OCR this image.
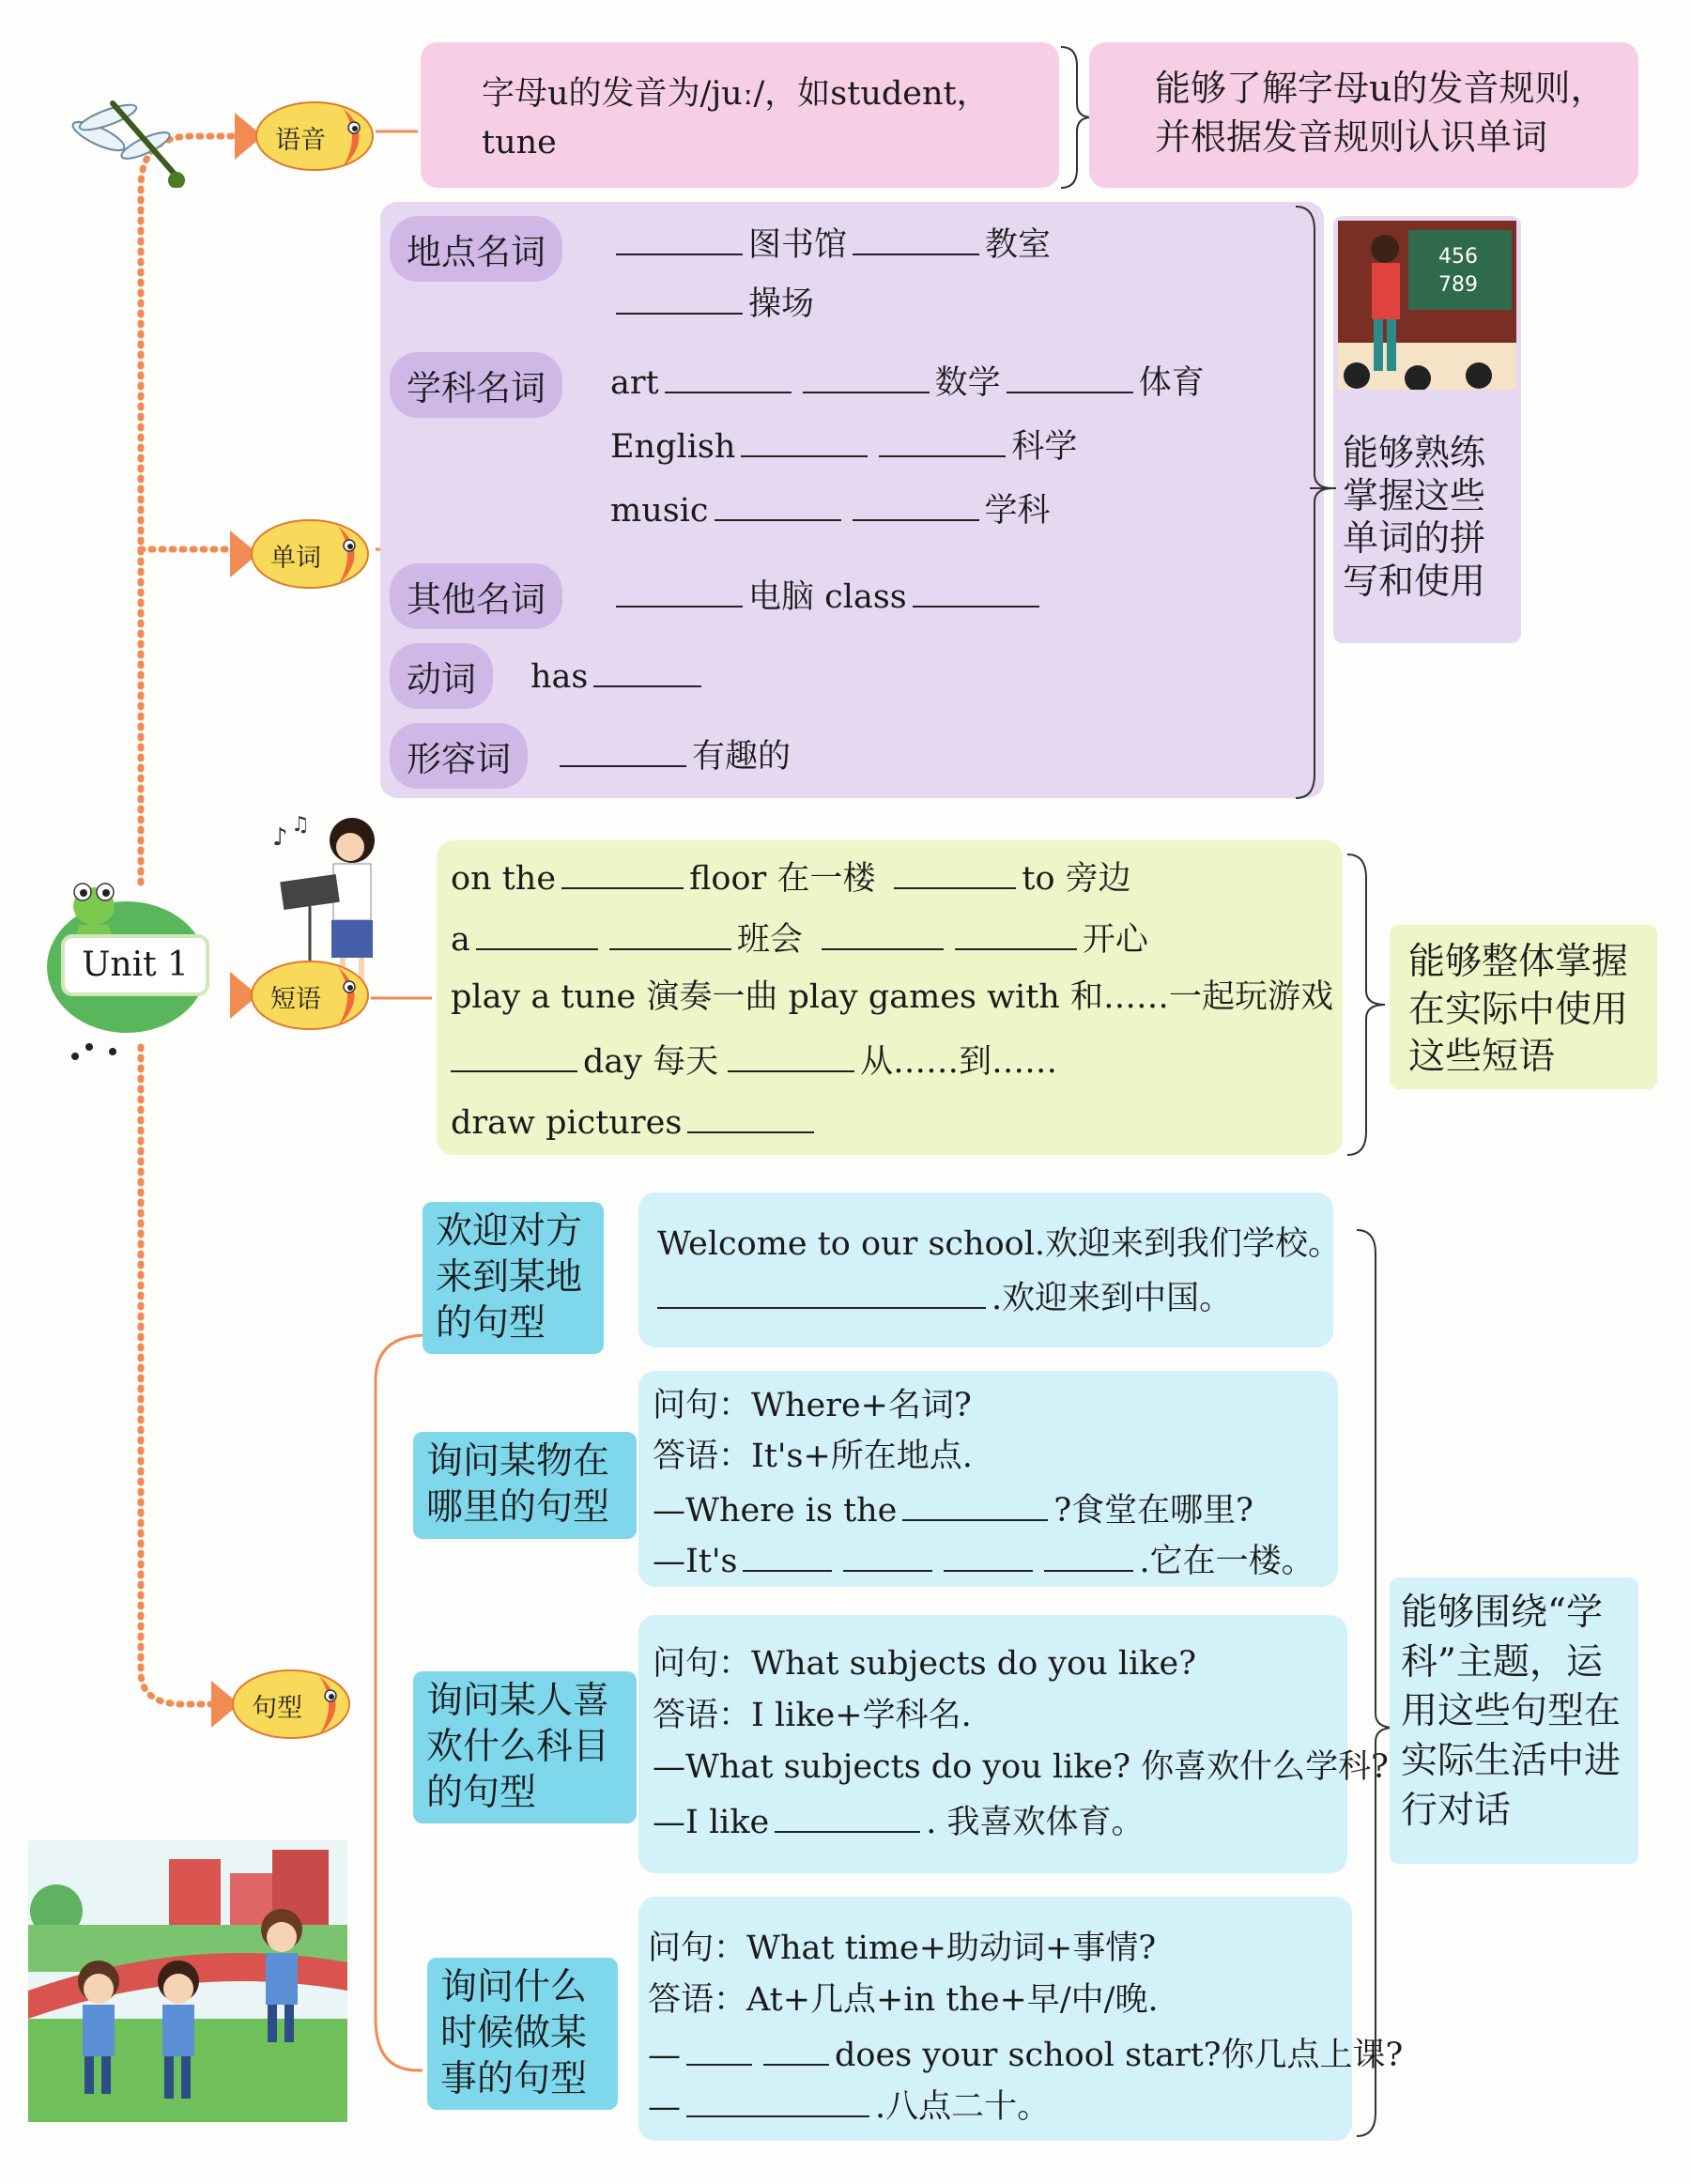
语音
字母u的发音为/juː/，如student，
tune
能够了解字母u的发音规则，
并根据发音规则认识单词
单词
地点名词	图书馆	教室
操场
学科名词	art	数学	体育
English	科学
music	学科
其他名词	电脑 class
动词	has
形容词	有趣的
456
789
能够熟练
掌握这些
单词的拼
写和使用
Unit 1
♪ ♫
短语
on the	floor 在一楼	to 旁边
a	班会	开心
play a tune 演奏一曲 play games with 和……一起玩游戏
day 每天	从……到……
draw pictures
能够整体掌握
在实际中使用
这些短语
句型
欢迎对方
来到某地
的句型
Welcome to our school.欢迎来到我们学校。
.欢迎来到中国。
询问某物在
哪里的句型
问句：Where+名词?
答语：It's+所在地点.
—Where is the	?食堂在哪里?
—It's	.它在一楼。
询问某人喜
欢什么科目
的句型
问句：What subjects do you like?
答语：I like+学科名.
—What subjects do you like? 你喜欢什么学科?
—I like	. 我喜欢体育。
询问什么
时候做某
事的句型
问句：What time+助动词+事情?
答语：At+几点+in the+早/中/晚.
—	does your school start?你几点上课?
—	.八点二十。
能够围绕“学
科”主题，运
用这些句型在
实际生活中进
行对话
